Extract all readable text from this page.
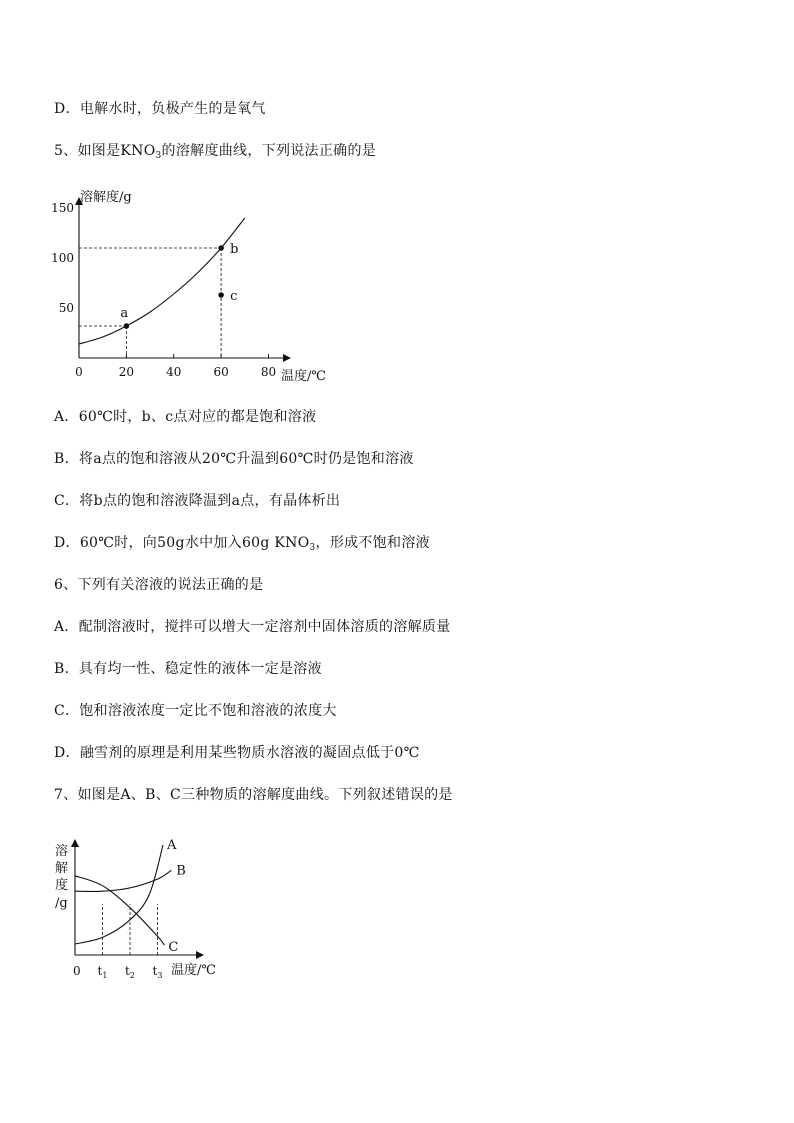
D．电解水时，负极产生的是氧气
5、如图是$KNO_3$的溶解度曲线，下列说法正确的是
溶解度/g
温度/℃
50
100
150
0	20	40	60	80
a
b
c
A．60℃时，b、c点对应的都是饱和溶液
B．将a点的饱和溶液从20℃升温到60℃时仍是饱和溶液
C．将b点的饱和溶液降温到a点，有晶体析出
D．60℃时，向50g水中加入60g $KNO_3$，形成不饱和溶液
6、下列有关溶液的说法正确的是
A．配制溶液时，搅拌可以增大一定溶剂中固体溶质的溶解质量
B．具有均一性、稳定性的液体一定是溶液
C．饱和溶液浓度一定比不饱和溶液的浓度大
D．融雪剂的原理是利用某些物质水溶液的凝固点低于0℃
7、如图是A、B、C三种物质的溶解度曲线。下列叙述错误的是
溶
解
度
/g
0	温度/℃
$t_1$ $t_2$ $t_3$
A
B
C
